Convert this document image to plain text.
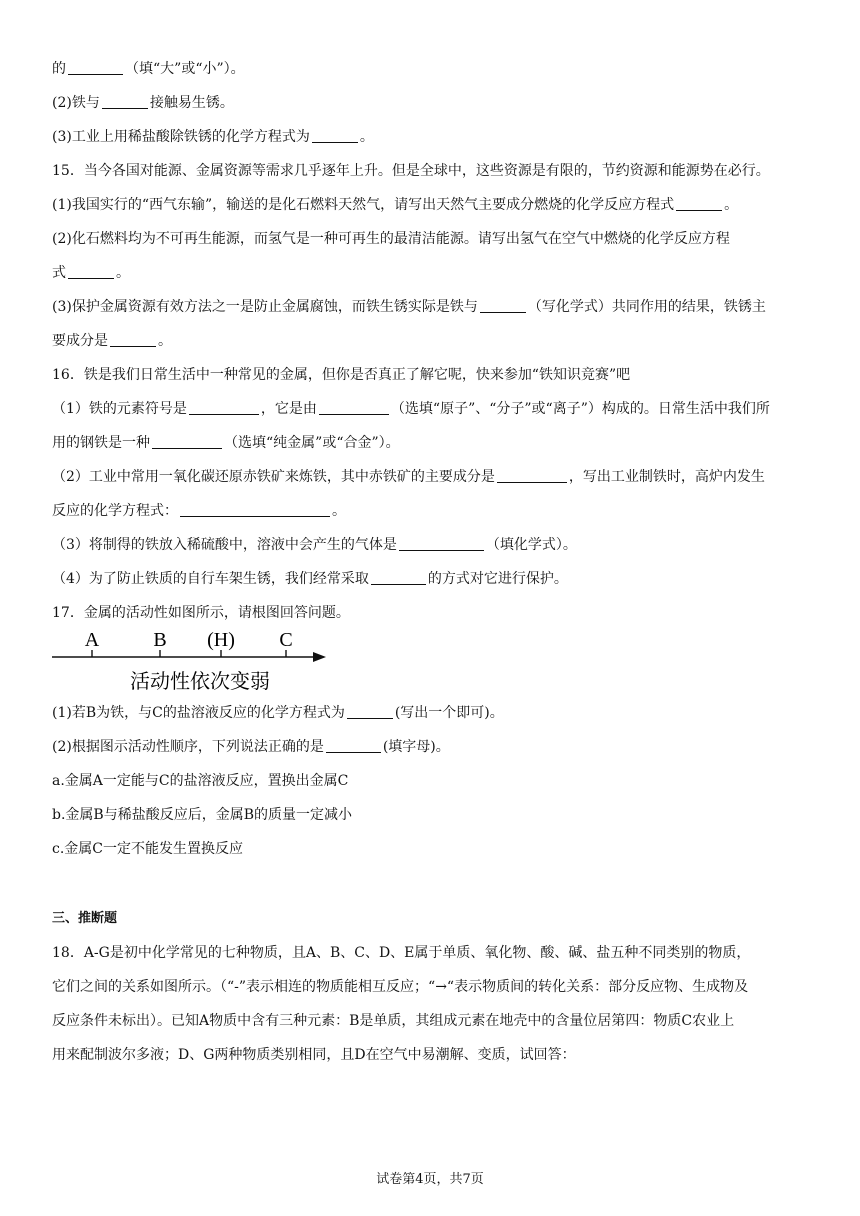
的	（填“大”或“小”）。
(2)铁与	接触易生锈。
(3)工业上用稀盐酸除铁锈的化学方程式为	。
15．当今各国对能源、金属资源等需求几乎逐年上升。但是全球中，这些资源是有限的，节约资源和能源势在必行。
(1)我国实行的“西气东输”，输送的是化石燃料天然气，请写出天然气主要成分燃烧的化学反应方程式	。
(2)化石燃料均为不可再生能源，而氢气是一种可再生的最清洁能源。请写出氢气在空气中燃烧的化学反应方程
式	。
(3)保护金属资源有效方法之一是防止金属腐蚀，而铁生锈实际是铁与	（写化学式）共同作用的结果，铁锈主
要成分是	。
16．铁是我们日常生活中一种常见的金属，但你是否真正了解它呢，快来参加“铁知识竞赛”吧
（1）铁的元素符号是	，它是由	（选填“原子”、“分子”或“离子”）构成的。日常生活中我们所
用的钢铁是一种	（选填“纯金属”或“合金”）。
（2）工业中常用一氧化碳还原赤铁矿来炼铁，其中赤铁矿的主要成分是	，写出工业制铁时，高炉内发生
反应的化学方程式：	。
（3）将制得的铁放入稀硫酸中，溶液中会产生的气体是	（填化学式）。
（4）为了防止铁质的自行车架生锈，我们经常采取	的方式对它进行保护。
17．金属的活动性如图所示，请根图回答问题。
A	B (H) C
活动性依次变弱
(1)若B为铁，与C的盐溶液反应的化学方程式为	(写出一个即可)。
(2)根据图示活动性顺序，下列说法正确的是	(填字母)。
a.金属A一定能与C的盐溶液反应，置换出金属C
b.金属B与稀盐酸反应后，金属B的质量一定减小
c.金属C一定不能发生置换反应
三、推断题
18．A-G是初中化学常见的七种物质，且A、B、C、D、E属于单质、氧化物、酸、碱、盐五种不同类别的物质，
它们之间的关系如图所示。（“-”表示相连的物质能相互反应；“→“表示物质间的转化关系：部分反应物、生成物及
反应条件未标出）。已知A物质中含有三种元素：B是单质，其组成元素在地壳中的含量位居第四：物质C农业上
用来配制波尔多液；D、G两种物质类别相同，且D在空气中易潮解、变质，试回答：
试卷第4页，共7页
